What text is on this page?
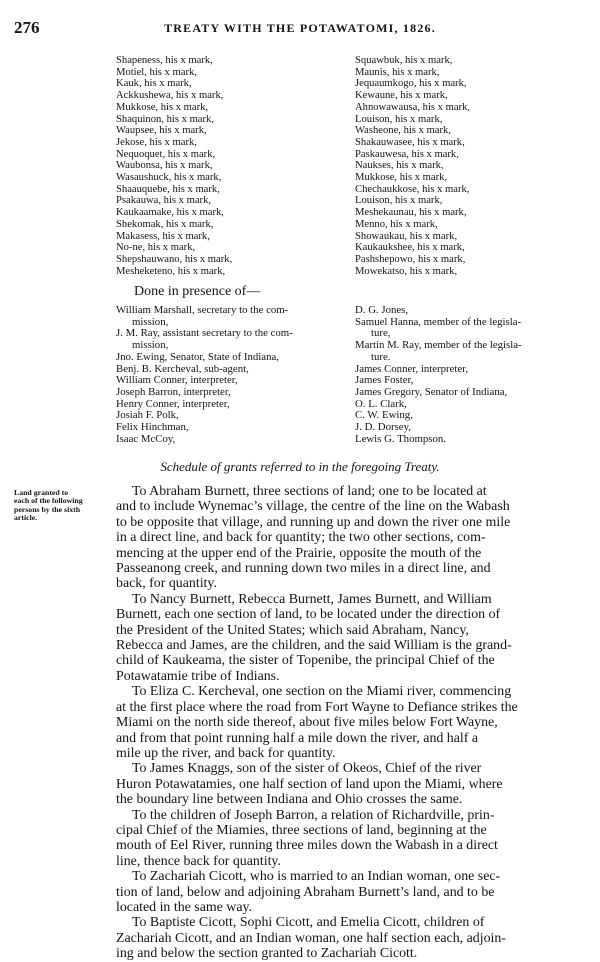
276	TREATY WITH THE POTAWATOMI, 1826.
Shapeness, his x mark,
Motiel, his x mark,
Kauk, his x mark,
Ackkushewa, his x mark,
Mukkose, his x mark,
Shaquinon, his x mark,
Waupsee, his x mark,
Jekose, his x mark,
Nequoquet, his x mark,
Waubonsa, his x mark,
Wasaushuck, his x mark,
Shaauquebe, his x mark,
Psakauwa, his x mark,
Kaukaamake, his x mark,
Shekomak, his x mark,
Makasess, his x mark,
No-ne, his x mark,
Shepshauwano, his x mark,
Mesheketeno, his x mark,
Squawbuk, his x mark,
Maunis, his x mark,
Jequaumkogo, his x mark,
Kewaune, his x mark,
Ahnowawausa, his x mark,
Louison, his x mark,
Washeone, his x mark,
Shakauwasee, his x mark,
Paskauwesa, his x mark,
Naukses, his x mark,
Mukkose, his x mark,
Chechaukkose, his x mark,
Louison, his x mark,
Meshekaunau, his x mark,
Menno, his x mark,
Showaukau, his x mark,
Kaukaukshee, his x mark,
Pashshepowo, his x mark,
Mowekatso, his x mark,
Done in presence of—
William Marshall, secretary to the com-
mission,
J. M. Ray, assistant secretary to the com-
mission,
Jno. Ewing, Senator, State of Indiana,
Benj. B. Kercheval, sub-agent,
William Conner, interpreter,
Joseph Barron, interpreter,
Henry Conner, interpreter,
Josiah F. Polk,
Felix Hinchman,
Isaac McCoy,
D. G. Jones,
Samuel Hanna, member of the legisla-
ture,
Martin M. Ray, member of the legisla-
ture.
James Conner, interpreter,
James Foster,
James Gregory, Senator of Indiana,
O. L. Clark,
C. W. Ewing,
J. D. Dorsey,
Lewis G. Thompson.
Schedule of grants referred to in the foregoing Treaty.
Land granted to
each of the following
persons by the sixth
article.
To Abraham Burnett, three sections of land; one to be located at
and to include Wynemac’s village, the centre of the line on the Wabash
to be opposite that village, and running up and down the river one mile
in a direct line, and back for quantity; the two other sections, com-
mencing at the upper end of the Prairie, opposite the mouth of the
Passeanong creek, and running down two miles in a direct line, and
back, for quantity.
To Nancy Burnett, Rebecca Burnett, James Burnett, and William
Burnett, each one section of land, to be located under the direction of
the President of the United States; which said Abraham, Nancy,
Rebecca and James, are the children, and the said William is the grand-
child of Kaukeama, the sister of Topenibe, the principal Chief of the
Potawatamie tribe of Indians.
To Eliza C. Kercheval, one section on the Miami river, commencing
at the first place where the road from Fort Wayne to Defiance strikes the
Miami on the north side thereof, about five miles below Fort Wayne,
and from that point running half a mile down the river, and half a
mile up the river, and back for quantity.
To James Knaggs, son of the sister of Okeos, Chief of the river
Huron Potawatamies, one half section of land upon the Miami, where
the boundary line between Indiana and Ohio crosses the same.
To the children of Joseph Barron, a relation of Richardville, prin-
cipal Chief of the Miamies, three sections of land, beginning at the
mouth of Eel River, running three miles down the Wabash in a direct
line, thence back for quantity.
To Zachariah Cicott, who is married to an Indian woman, one sec-
tion of land, below and adjoining Abraham Burnett’s land, and to be
located in the same way.
To Baptiste Cicott, Sophi Cicott, and Emelia Cicott, children of
Zachariah Cicott, and an Indian woman, one half section each, adjoin-
ing and below the section granted to Zachariah Cicott.
